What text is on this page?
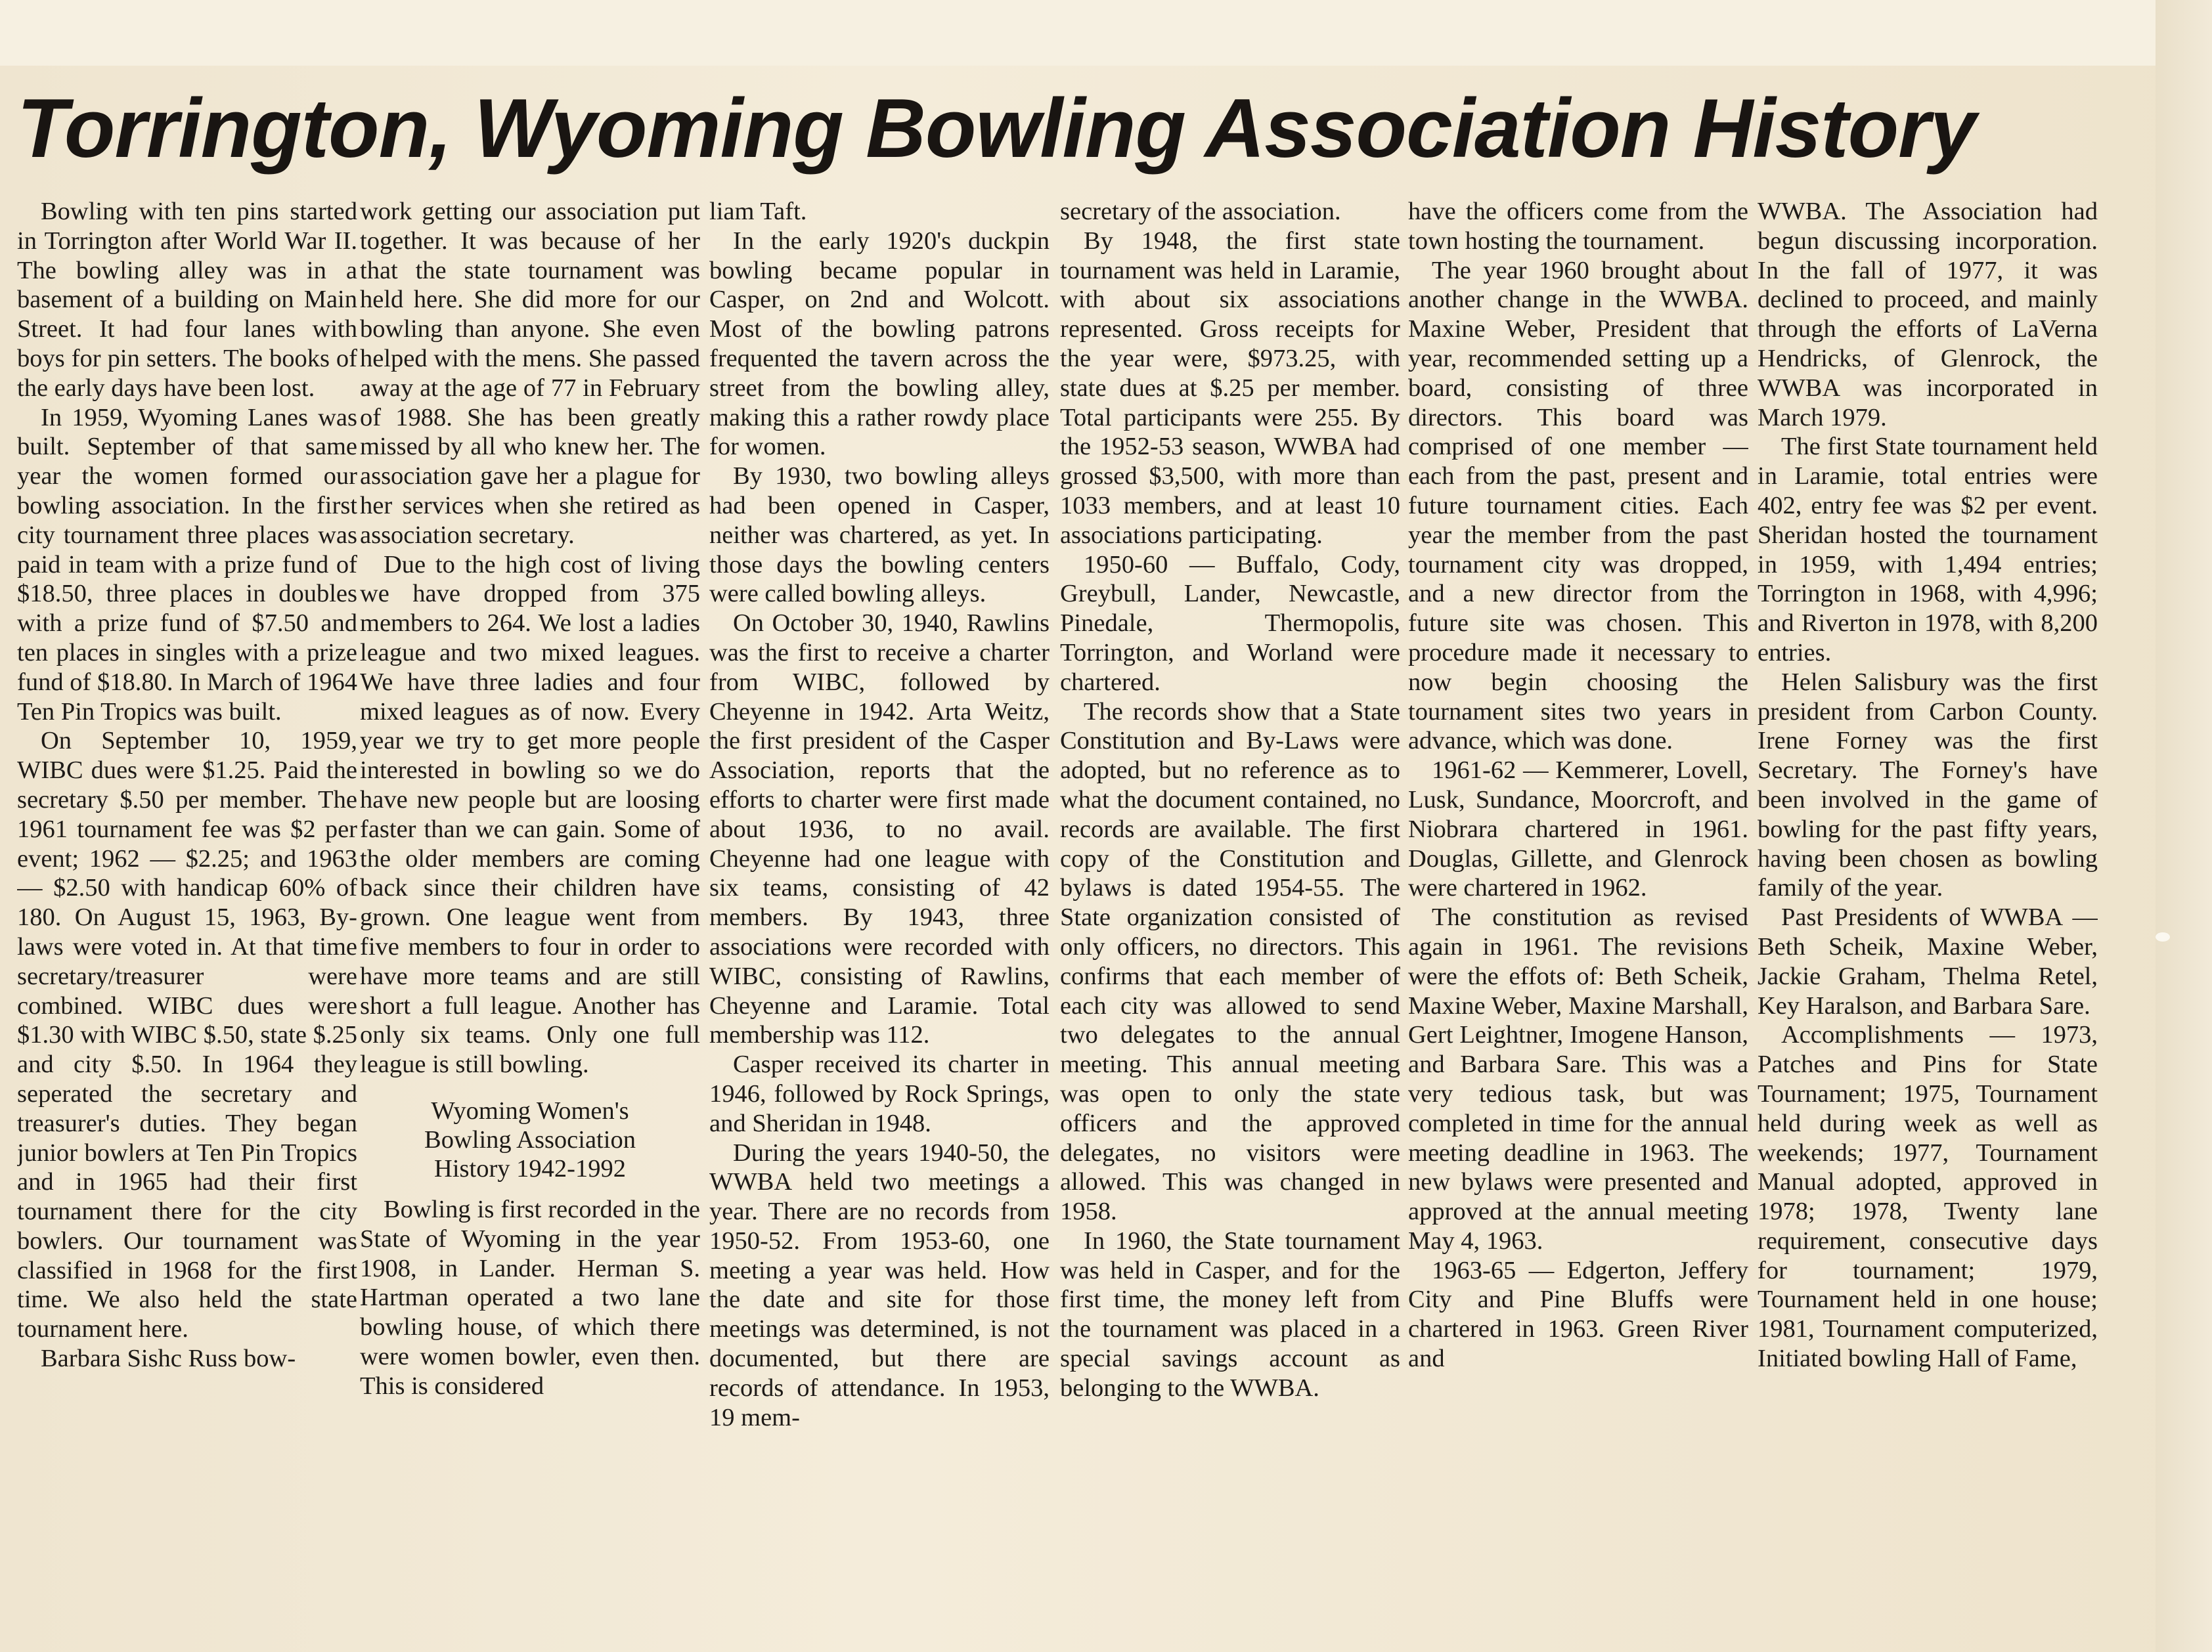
Torrington, Wyoming Bowling Association History

Bowling with ten pins started in Torrington after World War II. The bowling alley was in a basement of a building on Main Street. It had four lanes with boys for pin setters. The books of the early days have been lost.

In 1959, Wyoming Lanes was built. September of that same year the women formed our bowling association. In the first city tournament three places was paid in team with a prize fund of $18.50, three places in doubles with a prize fund of $7.50 and ten places in singles with a prize fund of $18.80. In March of 1964 Ten Pin Tropics was built.

On September 10, 1959, WIBC dues were $1.25. Paid the secretary $.50 per member. The 1961 tournament fee was $2 per event; 1962 — $2.25; and 1963 — $2.50 with handicap 60% of 180. On August 15, 1963, By-laws were voted in. At that time secretary/treasurer were combined. WIBC dues were $1.30 with WIBC $.50, state $.25 and city $.50. In 1964 they seperated the secretary and treasurer's duties. They began junior bowlers at Ten Pin Tropics and in 1965 had their first tournament there for the city bowlers. Our tournament was classified in 1968 for the first time. We also held the state tournament here.

Barbara Sishc Russ bow-

work getting our association put together. It was because of her that the state tournament was held here. She did more for our bowling than anyone. She even helped with the mens. She passed away at the age of 77 in February of 1988. She has been greatly missed by all who knew her. The association gave her a plague for her services when she retired as association secretary.

Due to the high cost of living we have dropped from 375 members to 264. We lost a ladies league and two mixed leagues. We have three ladies and four mixed leagues as of now. Every year we try to get more people interested in bowling so we do have new people but are loosing faster than we can gain. Some of the older members are coming back since their children have grown. One league went from five members to four in order to have more teams and are still short a full league. Another has only six teams. Only one full league is still bowling.

Wyoming Women's
Bowling Association
History 1942-1992

Bowling is first recorded in the State of Wyoming in the year 1908, in Lander. Herman S. Hartman operated a two lane bowling house, of which there were women bowler, even then. This is considered

liam Taft.

In the early 1920's duckpin bowling became popular in Casper, on 2nd and Wolcott. Most of the bowling patrons frequented the tavern across the street from the bowling alley, making this a rather rowdy place for women.

By 1930, two bowling alleys had been opened in Casper, neither was chartered, as yet. In those days the bowling centers were called bowling alleys.

On October 30, 1940, Rawlins was the first to receive a charter from WIBC, followed by Cheyenne in 1942. Arta Weitz, the first president of the Casper Association, reports that the efforts to charter were first made about 1936, to no avail. Cheyenne had one league with six teams, consisting of 42 members. By 1943, three associations were recorded with WIBC, consisting of Rawlins, Cheyenne and Laramie. Total membership was 112.

Casper received its charter in 1946, followed by Rock Springs, and Sheridan in 1948.

During the years 1940-50, the WWBA held two meetings a year. There are no records from 1950-52. From 1953-60, one meeting a year was held. How the date and site for those meetings was determined, is not documented, but there are records of attendance. In 1953, 19 mem-

secretary of the association.

By 1948, the first state tournament was held in Laramie, with about six associations represented. Gross receipts for the year were, $973.25, with state dues at $.25 per member. Total participants were 255. By the 1952-53 season, WWBA had grossed $3,500, with more than 1033 members, and at least 10 associations participating.

1950-60 — Buffalo, Cody, Greybull, Lander, Newcastle, Pinedale, Thermopolis, Torrington, and Worland were chartered.

The records show that a State Constitution and By-Laws were adopted, but no reference as to what the document contained, no records are available. The first copy of the Constitution and bylaws is dated 1954-55. The State organization consisted of only officers, no directors. This confirms that each member of each city was allowed to send two delegates to the annual meeting. This annual meeting was open to only the state officers and the approved delegates, no visitors were allowed. This was changed in 1958.

In 1960, the State tournament was held in Casper, and for the first time, the money left from the tournament was placed in a special savings account as belonging to the WWBA.

have the officers come from the town hosting the tournament.

The year 1960 brought about another change in the WWBA. Maxine Weber, President that year, recommended setting up a board, consisting of three directors. This board was comprised of one member — each from the past, present and future tournament cities. Each year the member from the past tournament city was dropped, and a new director from the future site was chosen. This procedure made it necessary to now begin choosing the tournament sites two years in advance, which was done.

1961-62 — Kemmerer, Lovell, Lusk, Sundance, Moorcroft, and Niobrara chartered in 1961. Douglas, Gillette, and Glenrock were chartered in 1962.

The constitution as revised again in 1961. The revisions were the effots of: Beth Scheik, Maxine Weber, Maxine Marshall, Gert Leightner, Imogene Hanson, and Barbara Sare. This was a very tedious task, but was completed in time for the annual meeting deadline in 1963. The new bylaws were presented and approved at the annual meeting May 4, 1963.

1963-65 — Edgerton, Jeffery City and Pine Bluffs were chartered in 1963. Green River and

WWBA. The Association had begun discussing incorporation. In the fall of 1977, it was declined to proceed, and mainly through the efforts of LaVerna Hendricks, of Glenrock, the WWBA was incorporated in March 1979.

The first State tournament held in Laramie, total entries were 402, entry fee was $2 per event. Sheridan hosted the tournament in 1959, with 1,494 entries; Torrington in 1968, with 4,996; and Riverton in 1978, with 8,200 entries.

Helen Salisbury was the first president from Carbon County. Irene Forney was the first Secretary. The Forney's have been involved in the game of bowling for the past fifty years, having been chosen as bowling family of the year.

Past Presidents of WWBA — Beth Scheik, Maxine Weber, Jackie Graham, Thelma Retel, Key Haralson, and Barbara Sare.

Accomplishments — 1973, Patches and Pins for State Tournament; 1975, Tournament held during week as well as weekends; 1977, Tournament Manual adopted, approved in 1978; 1978, Twenty lane requirement, consecutive days for tournament; 1979, Tournament held in one house; 1981, Tournament computerized, Initiated bowling Hall of Fame,
